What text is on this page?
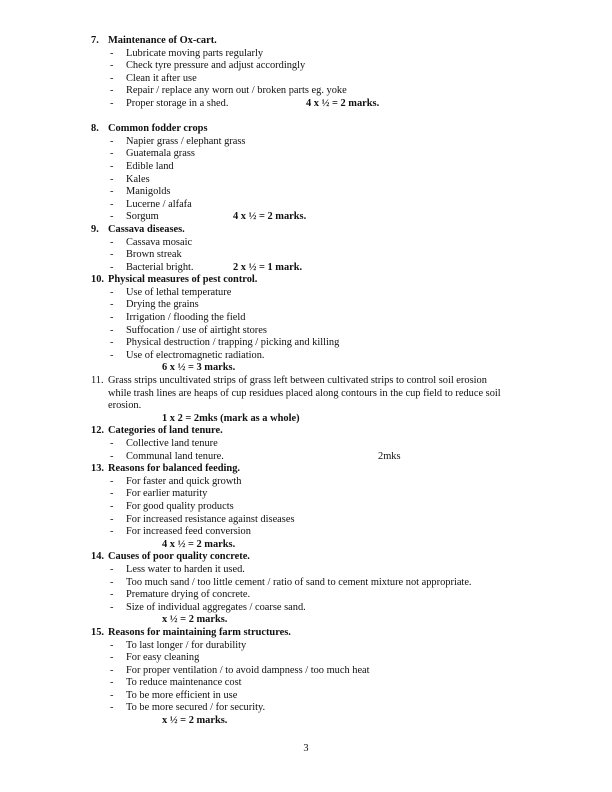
7. Maintenance of Ox-cart.
- Lubricate moving parts regularly
- Check tyre pressure and adjust accordingly
- Clean it after use
- Repair / replace any worn out / broken parts eg. yoke
- Proper storage in a shed.	4 x ½ = 2 marks.
8. Common fodder crops
- Napier grass / elephant grass
- Guatemala grass
- Edible land
- Kales
- Manigolds
- Lucerne / alfafa
- Sorgum	4 x ½ = 2 marks.
9. Cassava diseases.
- Cassava mosaic
- Brown streak
- Bacterial bright.	2 x ½ = 1 mark.
10. Physical measures of pest control.
- Use of lethal temperature
- Drying the grains
- Irrigation / flooding the field
- Suffocation / use of airtight stores
- Physical destruction / trapping / picking and killing
- Use of electromagnetic radiation.
6 x ½ = 3 marks.
11. Grass strips uncultivated strips of grass left between cultivated strips to control soil erosion
while trash lines are heaps of cup residues placed along contours in the cup field to reduce soil
erosion.
1 x 2 = 2mks (mark as a whole)
12. Categories of land tenure.
- Collective land tenure
- Communal land tenure.	2mks
13. Reasons for balanced feeding.
- For faster and quick growth
- For earlier maturity
- For good quality products
- For increased resistance against diseases
- For increased feed conversion
4 x ½ = 2 marks.
14. Causes of poor quality concrete.
- Less water to harden it used.
- Too much sand / too little cement / ratio of sand to cement mixture not appropriate.
- Premature drying of concrete.
- Size of individual aggregates / coarse sand.
x ½ = 2 marks.
15. Reasons for maintaining farm structures.
- To last longer / for durability
- For easy cleaning
- For proper ventilation / to avoid dampness / too much heat
- To reduce maintenance cost
- To be more efficient in use
- To be more secured / for security.
x ½ = 2 marks.
3
